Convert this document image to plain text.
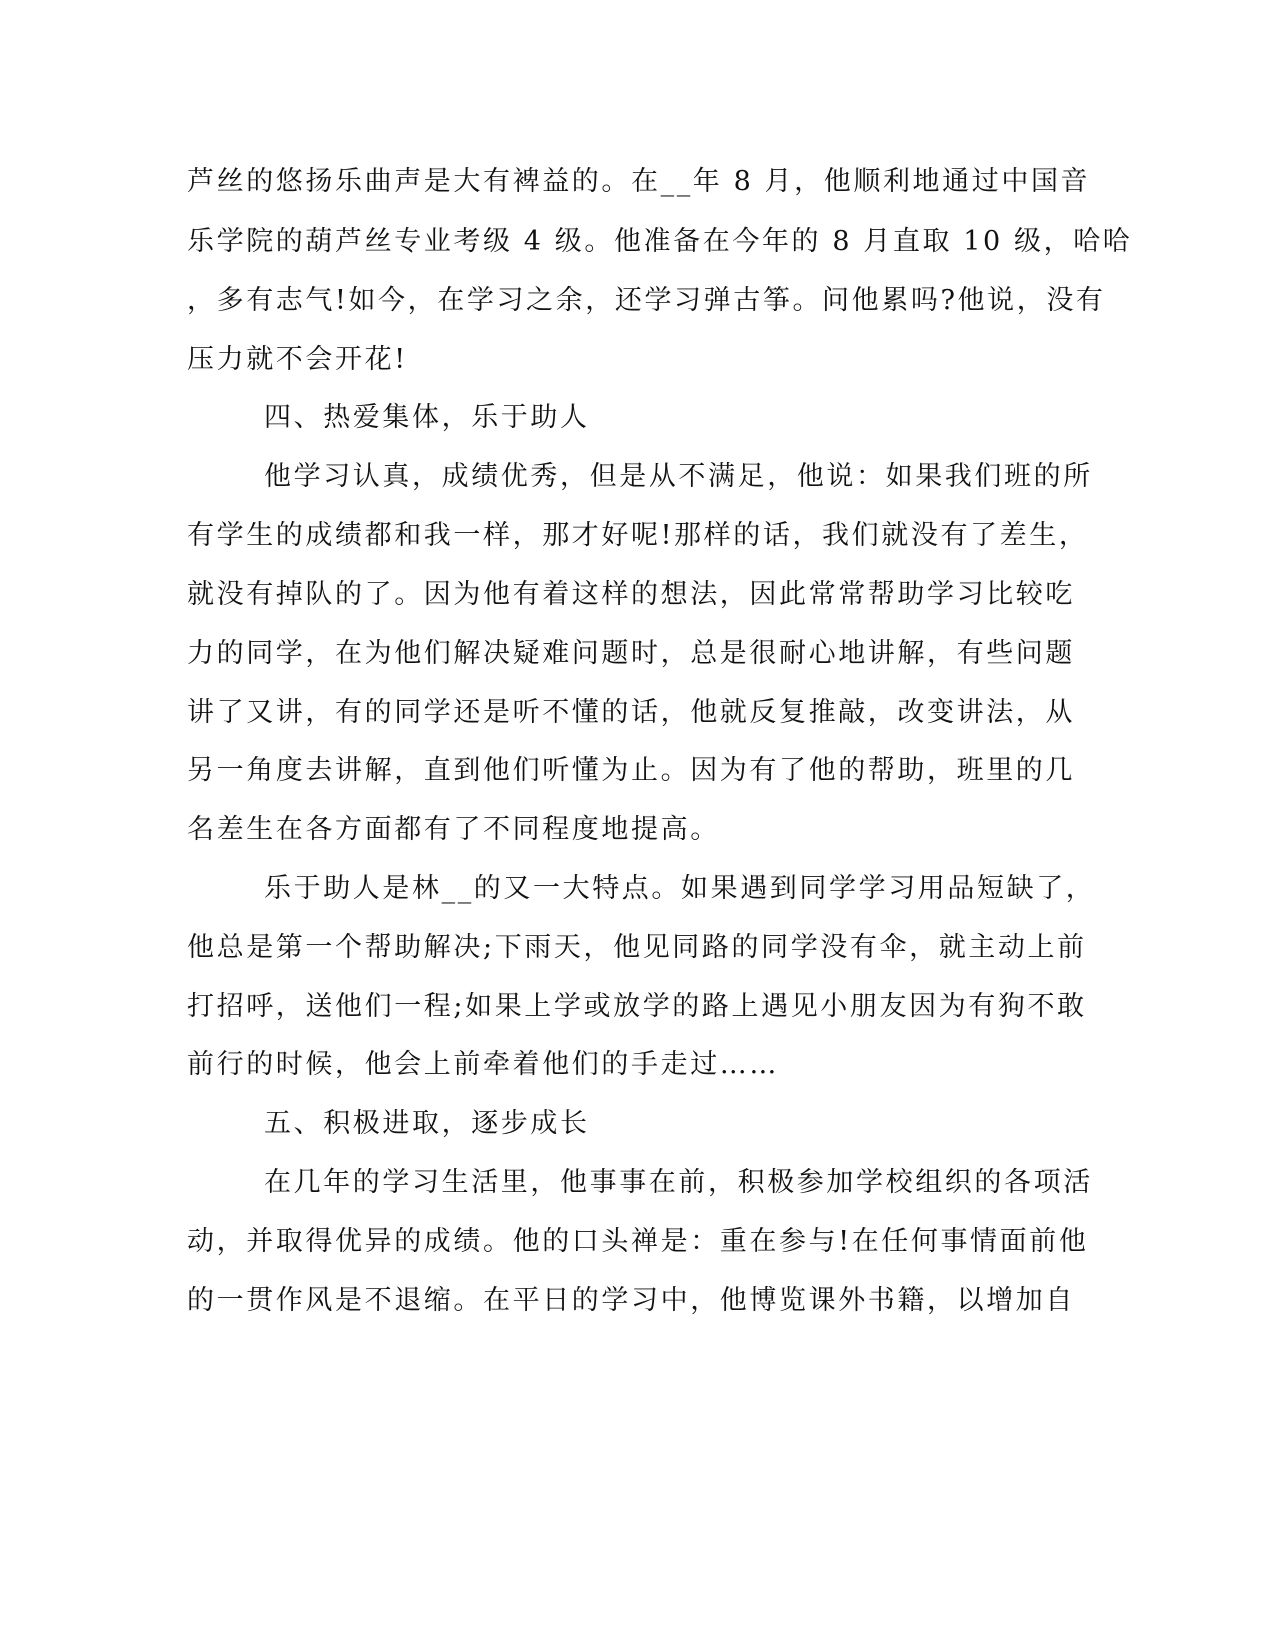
芦丝的悠扬乐曲声是大有裨益的。在__年 8 月，他顺利地通过中国音
乐学院的葫芦丝专业考级 4 级。他准备在今年的 8 月直取 10 级，哈哈
，多有志气!如今，在学习之余，还学习弹古筝。问他累吗?他说，没有
压力就不会开花!
四、热爱集体，乐于助人
他学习认真，成绩优秀，但是从不满足，他说：如果我们班的所
有学生的成绩都和我一样，那才好呢!那样的话，我们就没有了差生，
就没有掉队的了。因为他有着这样的想法，因此常常帮助学习比较吃
力的同学，在为他们解决疑难问题时，总是很耐心地讲解，有些问题
讲了又讲，有的同学还是听不懂的话，他就反复推敲，改变讲法，从
另一角度去讲解，直到他们听懂为止。因为有了他的帮助，班里的几
名差生在各方面都有了不同程度地提高。
乐于助人是林__的又一大特点。如果遇到同学学习用品短缺了，
他总是第一个帮助解决;下雨天，他见同路的同学没有伞，就主动上前
打招呼，送他们一程;如果上学或放学的路上遇见小朋友因为有狗不敢
前行的时候，他会上前牵着他们的手走过……
五、积极进取，逐步成长
在几年的学习生活里，他事事在前，积极参加学校组织的各项活
动，并取得优异的成绩。他的口头禅是：重在参与!在任何事情面前他
的一贯作风是不退缩。在平日的学习中，他博览课外书籍，以增加自
